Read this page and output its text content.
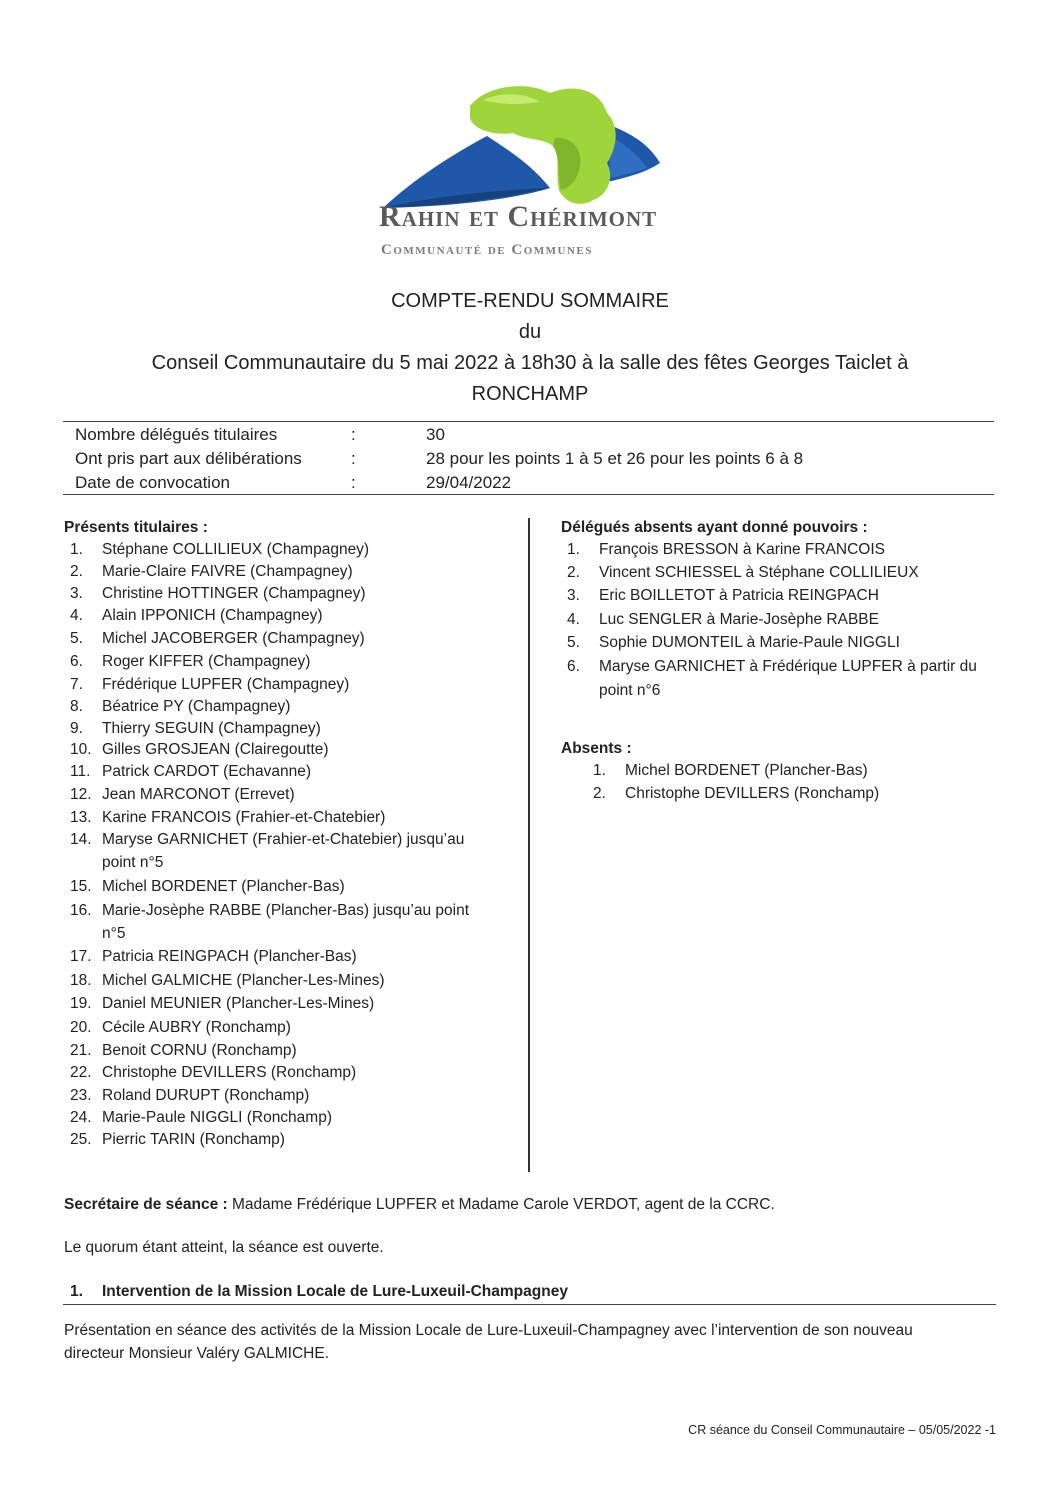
Rahin et Chérimont
Communauté de Communes
COMPTE-RENDU SOMMAIRE
du
Conseil Communautaire du 5 mai 2022 à 18h30 à la salle des fêtes Georges Taiclet à
RONCHAMP
Nombre délégués titulaires	:	30
Ont pris part aux délibérations	:	28 pour les points 1 à 5 et 26 pour les points 6 à 8
Date de convocation	:	29/04/2022
Présents titulaires :
1. Stéphane COLLILIEUX (Champagney)
2. Marie-Claire FAIVRE (Champagney)
3. Christine HOTTINGER (Champagney)
4. Alain IPPONICH (Champagney)
5. Michel JACOBERGER (Champagney)
6. Roger KIFFER (Champagney)
7. Frédérique LUPFER (Champagney)
8. Béatrice PY (Champagney)
9. Thierry SEGUIN (Champagney)
10. Gilles GROSJEAN (Clairegoutte)
11. Patrick CARDOT (Echavanne)
12. Jean MARCONOT (Errevet)
13. Karine FRANCOIS (Frahier-et-Chatebier)
14. Maryse GARNICHET (Frahier-et-Chatebier) jusqu’au
point n°5
15. Michel BORDENET (Plancher-Bas)
16. Marie-Josèphe RABBE (Plancher-Bas) jusqu’au point
n°5
17. Patricia REINGPACH (Plancher-Bas)
18. Michel GALMICHE (Plancher-Les-Mines)
19. Daniel MEUNIER (Plancher-Les-Mines)
20. Cécile AUBRY (Ronchamp)
21. Benoit CORNU (Ronchamp)
22. Christophe DEVILLERS (Ronchamp)
23. Roland DURUPT (Ronchamp)
24. Marie-Paule NIGGLI (Ronchamp)
25. Pierric TARIN (Ronchamp)
Délégués absents ayant donné pouvoirs :
1. François BRESSON à Karine FRANCOIS
2. Vincent SCHIESSEL à Stéphane COLLILIEUX
3. Eric BOILLETOT à Patricia REINGPACH
4. Luc SENGLER à Marie-Josèphe RABBE
5. Sophie DUMONTEIL à Marie-Paule NIGGLI
6. Maryse GARNICHET à Frédérique LUPFER à partir du
point n°6
Absents :
1. Michel BORDENET (Plancher-Bas)
2. Christophe DEVILLERS (Ronchamp)
Secrétaire de séance : Madame Frédérique LUPFER et Madame Carole VERDOT, agent de la CCRC.
Le quorum étant atteint, la séance est ouverte.
1. Intervention de la Mission Locale de Lure-Luxeuil-Champagney
Présentation en séance des activités de la Mission Locale de Lure-Luxeuil-Champagney avec l’intervention de son nouveau
directeur Monsieur Valéry GALMICHE.
CR séance du Conseil Communautaire – 05/05/2022 -1
